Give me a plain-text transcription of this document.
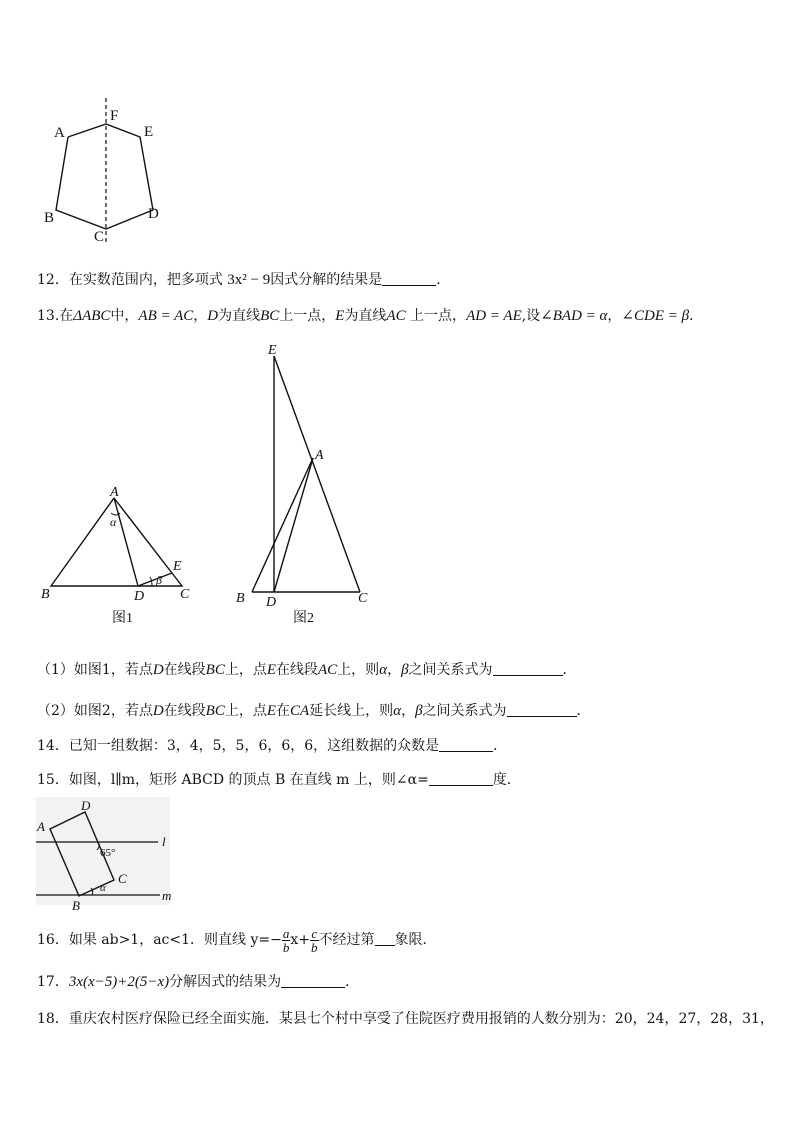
A
F
E
B
C
D
12．在实数范围内，把多项式 3x² − 9因式分解的结果是	．
13.在ΔABC中，AB = AC，D为直线BC上一点，E为直线AC 上一点，AD = AE,设∠BAD = α，∠CDE = β．
A
α
B	D	C
E
β
图1
E
A
B D	C
图2
（1）如图1，若点D在线段BC上，点E在线段AC上，则α，β之间关系式为	．
（2）如图2，若点D在线段BC上，点E在CA延长线上，则α，β之间关系式为	．
14．已知一组数据：3，4，5，5，6，6，6，这组数据的众数是	．
15．如图，l∥m，矩形 ABCD 的顶点 B 在直线 m 上，则∠α=	度．
A
D
C
B
l
m
α
65°
16．如果 ab>1，ac<1．则直线 $y=- \frac{a}{b} x+ \frac{c}{b}$ 不经过第 象限．
17．3x(x−5)+2(5−x)分解因式的结果为	．
18．重庆农村医疗保险已经全面实施．某县七个村中享受了住院医疗费用报销的人数分别为：20，24，27，28，31，
